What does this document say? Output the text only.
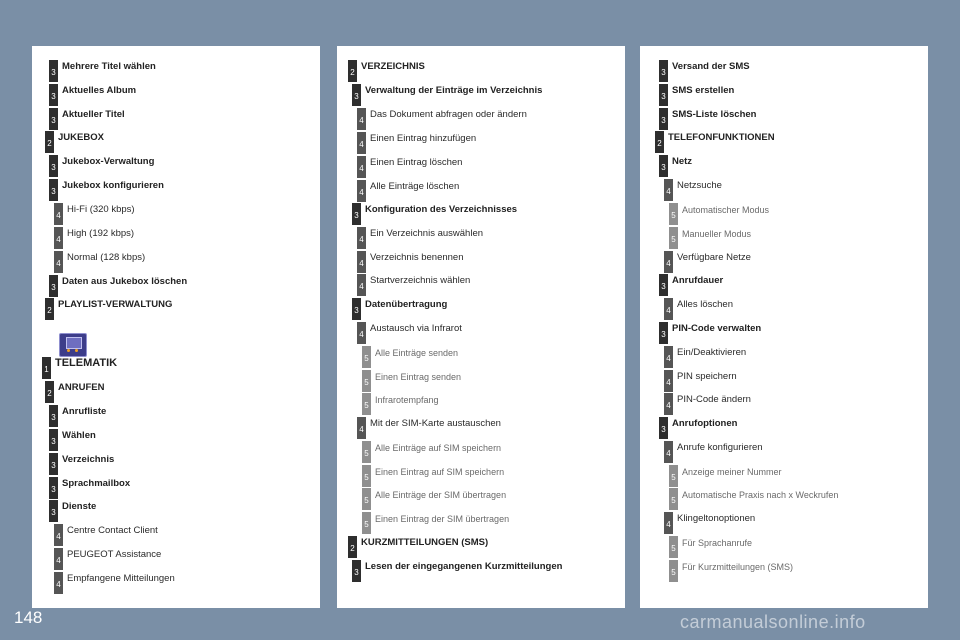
3
Mehrere Titel wählen
3
Aktuelles Album
3
Aktueller Titel
2
JUKEBOX
3
Jukebox-Verwaltung
3
Jukebox konfigurieren
4
Hi-Fi (320 kbps)
4
High (192 kbps)
4
Normal (128 kbps)
3
Daten aus Jukebox löschen
2
PLAYLIST-VERWALTUNG
1
TELEMATIK
2
ANRUFEN
3
Anrufliste
3
Wählen
3
Verzeichnis
3
Sprachmailbox
3
Dienste
4
Centre Contact Client
4
PEUGEOT Assistance
4
Empfangene Mitteilungen
2
VERZEICHNIS
3
Verwaltung der Einträge im Verzeichnis
4
Das Dokument abfragen oder ändern
4
Einen Eintrag hinzufügen
4
Einen Eintrag löschen
4
Alle Einträge löschen
3
Konfiguration des Verzeichnisses
4
Ein Verzeichnis auswählen
4
Verzeichnis benennen
4
Startverzeichnis wählen
3
Datenübertragung
4
Austausch via Infrarot
5
Alle Einträge senden
5
Einen Eintrag senden
5
Infrarotempfang
4
Mit der SIM-Karte austauschen
5
Alle Einträge auf SIM speichern
5
Einen Eintrag auf SIM speichern
5
Alle Einträge der SIM übertragen
5
Einen Eintrag der SIM übertragen
2
KURZMITTEILUNGEN (SMS)
3
Lesen der eingegangenen Kurzmitteilungen
3
Versand der SMS
3
SMS erstellen
3
SMS-Liste löschen
2
TELEFONFUNKTIONEN
3
Netz
4
Netzsuche
5
Automatischer Modus
5
Manueller Modus
4
Verfügbare Netze
3
Anrufdauer
4
Alles löschen
3
PIN-Code verwalten
4
Ein/Deaktivieren
4
PIN speichern
4
PIN-Code ändern
3
Anrufoptionen
4
Anrufe konfigurieren
5
Anzeige meiner Nummer
5
Automatische Praxis nach x Weckrufen
4
Klingeltonoptionen
5
Für Sprachanrufe
5
Für Kurzmitteilungen (SMS)
148	carmanualsonline.info
